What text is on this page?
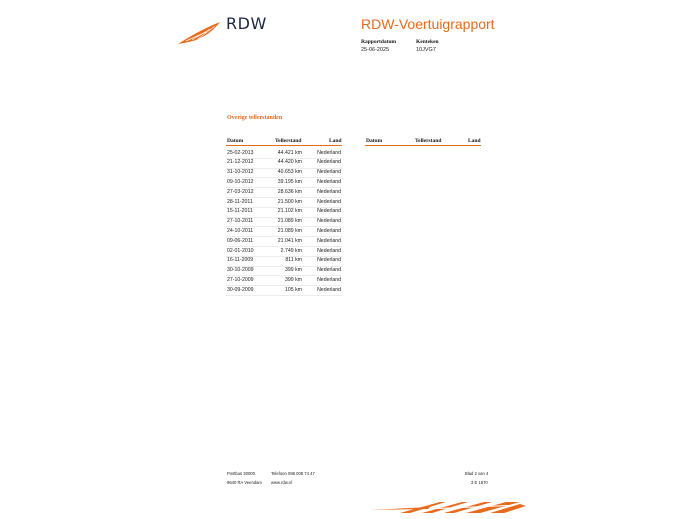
RDW	RDW-Voertuigrapport
Rapportdatum
25-06-2025
Kenteken
10JVG7
Overige tellerstanden
Datum	Tellerstand	Land	Datum	Tellerstand	Land
25-02-2013	44.421 km	Nederland
21-12-2012	44.420 km	Nederland
31-10-2012	40.653 km	Nederland
09-10-2012	39.195 km	Nederland
27-03-2012	28.636 km	Nederland
28-11-2011	21.500 km	Nederland
15-11-2011	21.102 km	Nederland
27-10-2011	21.089 km	Nederland
24-10-2011	21.089 km	Nederland
09-06-2011	21.041 km	Nederland
02-01-2010	2.749 km	Nederland
16-11-2009	811 km	Nederland
30-10-2009	399 km	Nederland
27-10-2009	399 km	Nederland
30-09-2009	105 km	Nederland
Postbus 30000
9640 RA Veendam
Telefoon 088 008 74 47
www.rdw.nl
Blad 2 van 4
3 E 1670
